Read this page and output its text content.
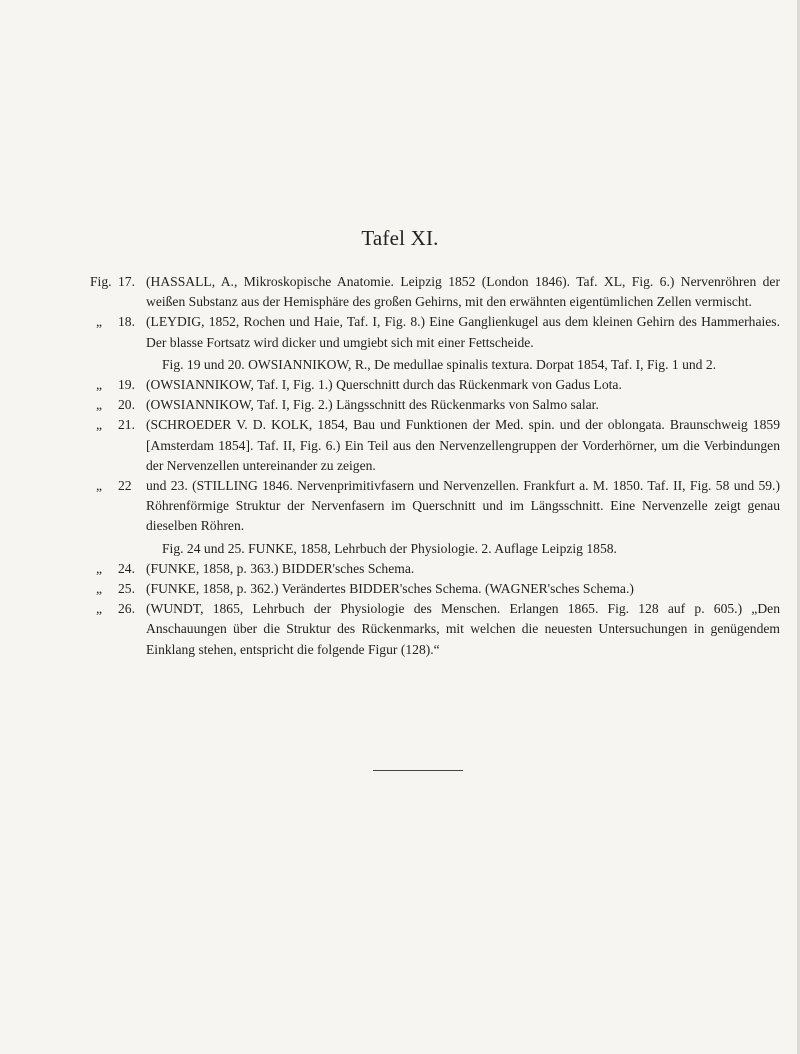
Tafel XI.
Fig. 17. (HASSALL, A., Mikroskopische Anatomie. Leipzig 1852 (London 1846). Taf. XL, Fig. 6.) Nervenröhren der weißen Substanz aus der Hemisphäre des großen Gehirns, mit den erwähnten eigentümlichen Zellen vermischt.
„ 18. (LEYDIG, 1852, Rochen und Haie, Taf. I, Fig. 8.) Eine Ganglienkugel aus dem kleinen Gehirn des Hammerhaies. Der blasse Fortsatz wird dicker und umgiebt sich mit einer Fettscheide.
Fig. 19 und 20. OWSIANNIKOW, R., De medullae spinalis textura. Dorpat 1854, Taf. I, Fig. 1 und 2.
„ 19. (OWSIANNIKOW, Taf. I, Fig. 1.) Querschnitt durch das Rückenmark von Gadus Lota.
„ 20. (OWSIANNIKOW, Taf. I, Fig. 2.) Längsschnitt des Rückenmarks von Salmo salar.
„ 21. (SCHROEDER V. D. KOLK, 1854, Bau und Funktionen der Med. spin. und der oblongata. Braunschweig 1859 [Amsterdam 1854]. Taf. II, Fig. 6.) Ein Teil aus den Nervenzellengruppen der Vorderhörner, um die Verbindungen der Nervenzellen untereinander zu zeigen.
„ 22 und 23. (STILLING 1846. Nervenprimitivfasern und Nervenzellen. Frankfurt a. M. 1850. Taf. II, Fig. 58 und 59.) Röhrenförmige Struktur der Nervenfasern im Querschnitt und im Längsschnitt. Eine Nervenzelle zeigt genau dieselben Röhren.
Fig. 24 und 25. FUNKE, 1858, Lehrbuch der Physiologie. 2. Auflage Leipzig 1858.
„ 24. (FUNKE, 1858, p. 363.) BIDDER'sches Schema.
„ 25. (FUNKE, 1858, p. 362.) Verändertes BIDDER'sches Schema. (WAGNER'sches Schema.)
„ 26. (WUNDT, 1865, Lehrbuch der Physiologie des Menschen. Erlangen 1865. Fig. 128 auf p. 605.) „Den Anschauungen über die Struktur des Rückenmarks, mit welchen die neuesten Untersuchungen in genügendem Einklang stehen, entspricht die folgende Figur (128).“
